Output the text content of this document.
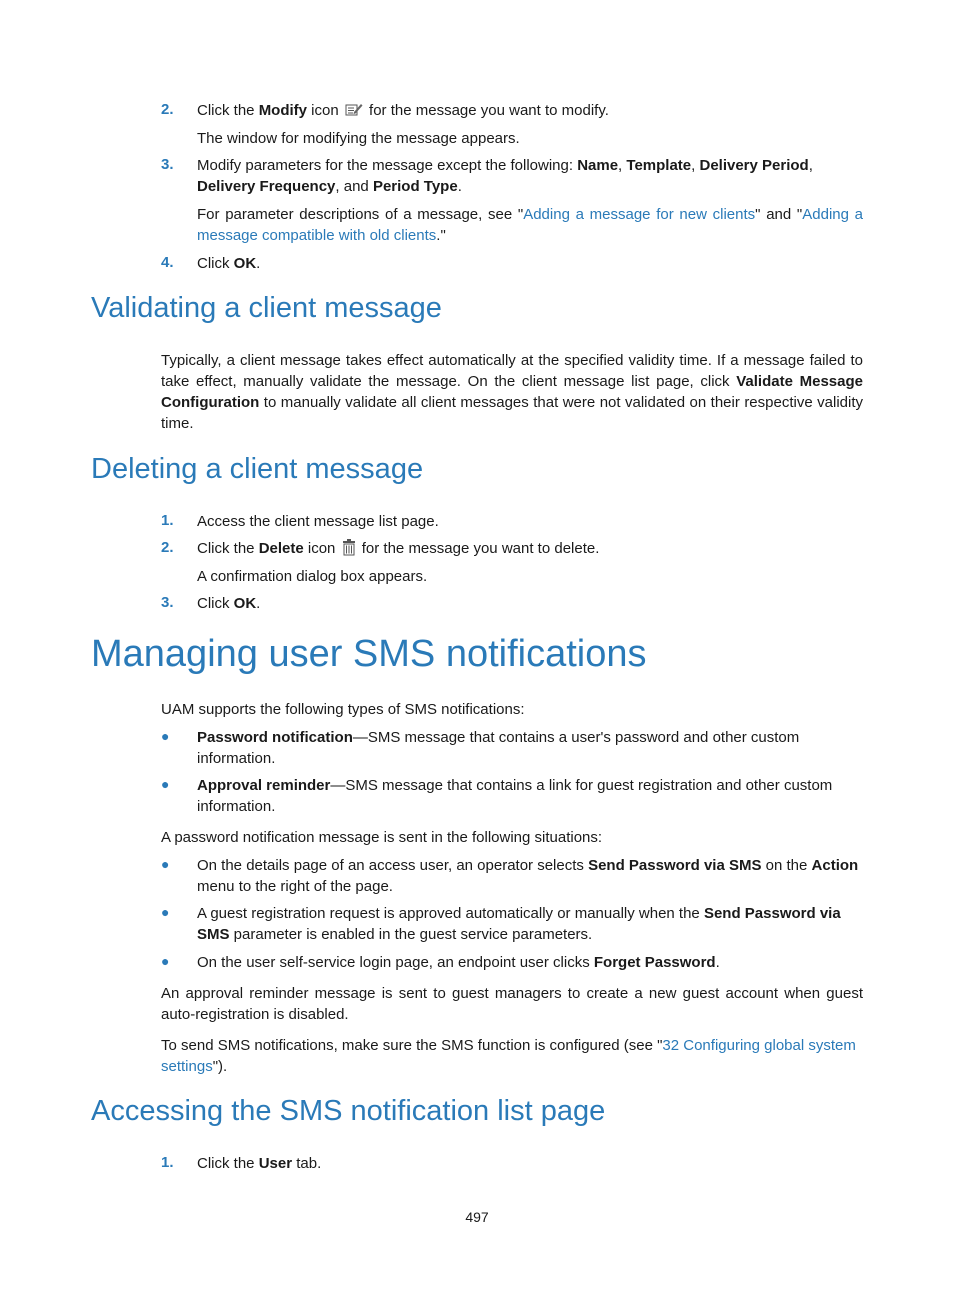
2. Click the Modify icon  for the message you want to modify.
The window for modifying the message appears.
3. Modify parameters for the message except the following: Name, Template, Delivery Period,
Delivery Frequency, and Period Type.
For parameter descriptions of a message, see "Adding a message for new clients" and "Adding a message compatible with old clients."
4. Click OK.
Validating a client message
Typically, a client message takes effect automatically at the specified validity time. If a message failed to take effect, manually validate the message. On the client message list page, click Validate Message Configuration to manually validate all client messages that were not validated on their respective validity time.
Deleting a client message
1. Access the client message list page.
2. Click the Delete icon  for the message you want to delete.
A confirmation dialog box appears.
3. Click OK.
Managing user SMS notifications
UAM supports the following types of SMS notifications:
● Password notification—SMS message that contains a user's password and other custom information.
● Approval reminder—SMS message that contains a link for guest registration and other custom information.
A password notification message is sent in the following situations:
● On the details page of an access user, an operator selects Send Password via SMS on the Action menu to the right of the page.
● A guest registration request is approved automatically or manually when the Send Password via SMS parameter is enabled in the guest service parameters.
● On the user self-service login page, an endpoint user clicks Forget Password.
An approval reminder message is sent to guest managers to create a new guest account when guest auto-registration is disabled.
To send SMS notifications, make sure the SMS function is configured (see "32 Configuring global system settings").
Accessing the SMS notification list page
1. Click the User tab.
497
